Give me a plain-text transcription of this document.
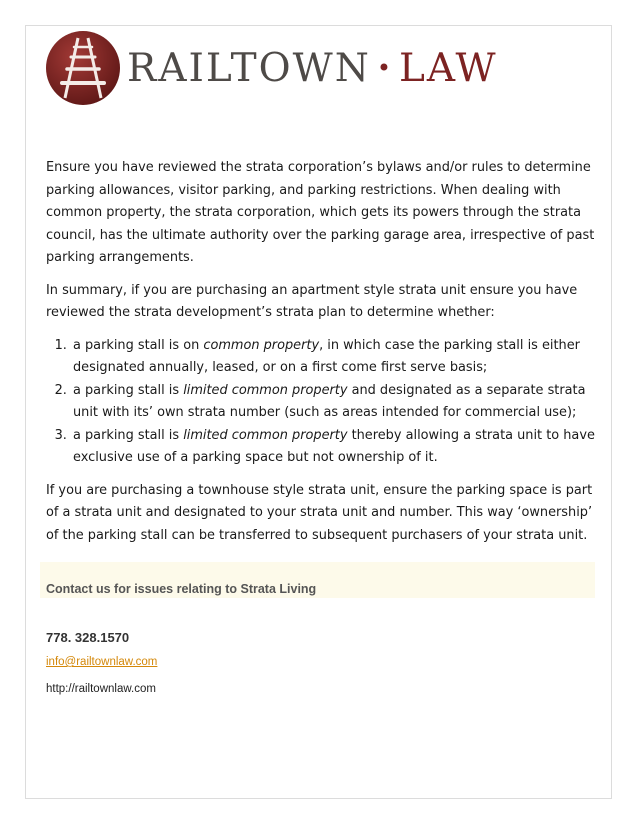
RAILTOWN • LAW

Ensure you have reviewed the strata corporation’s bylaws and/or rules to determine parking allowances, visitor parking, and parking restrictions. When dealing with common property, the strata corporation, which gets its powers through the strata council, has the ultimate authority over the parking garage area, irrespective of past parking arrangements.

In summary, if you are purchasing an apartment style strata unit ensure you have reviewed the strata development’s strata plan to determine whether:

1. a parking stall is on common property, in which case the parking stall is either designated annually, leased, or on a first come first serve basis;
2. a parking stall is limited common property and designated as a separate strata unit with its’ own strata number (such as areas intended for commercial use);
3. a parking stall is limited common property thereby allowing a strata unit to have exclusive use of a parking space but not ownership of it.

If you are purchasing a townhouse style strata unit, ensure the parking space is part of a strata unit and designated to your strata unit and number. This way ‘ownership’ of the parking stall can be transferred to subsequent purchasers of your strata unit.

Contact us for issues relating to Strata Living
778. 328.1570
info@railtownlaw.com
http://railtownlaw.com
